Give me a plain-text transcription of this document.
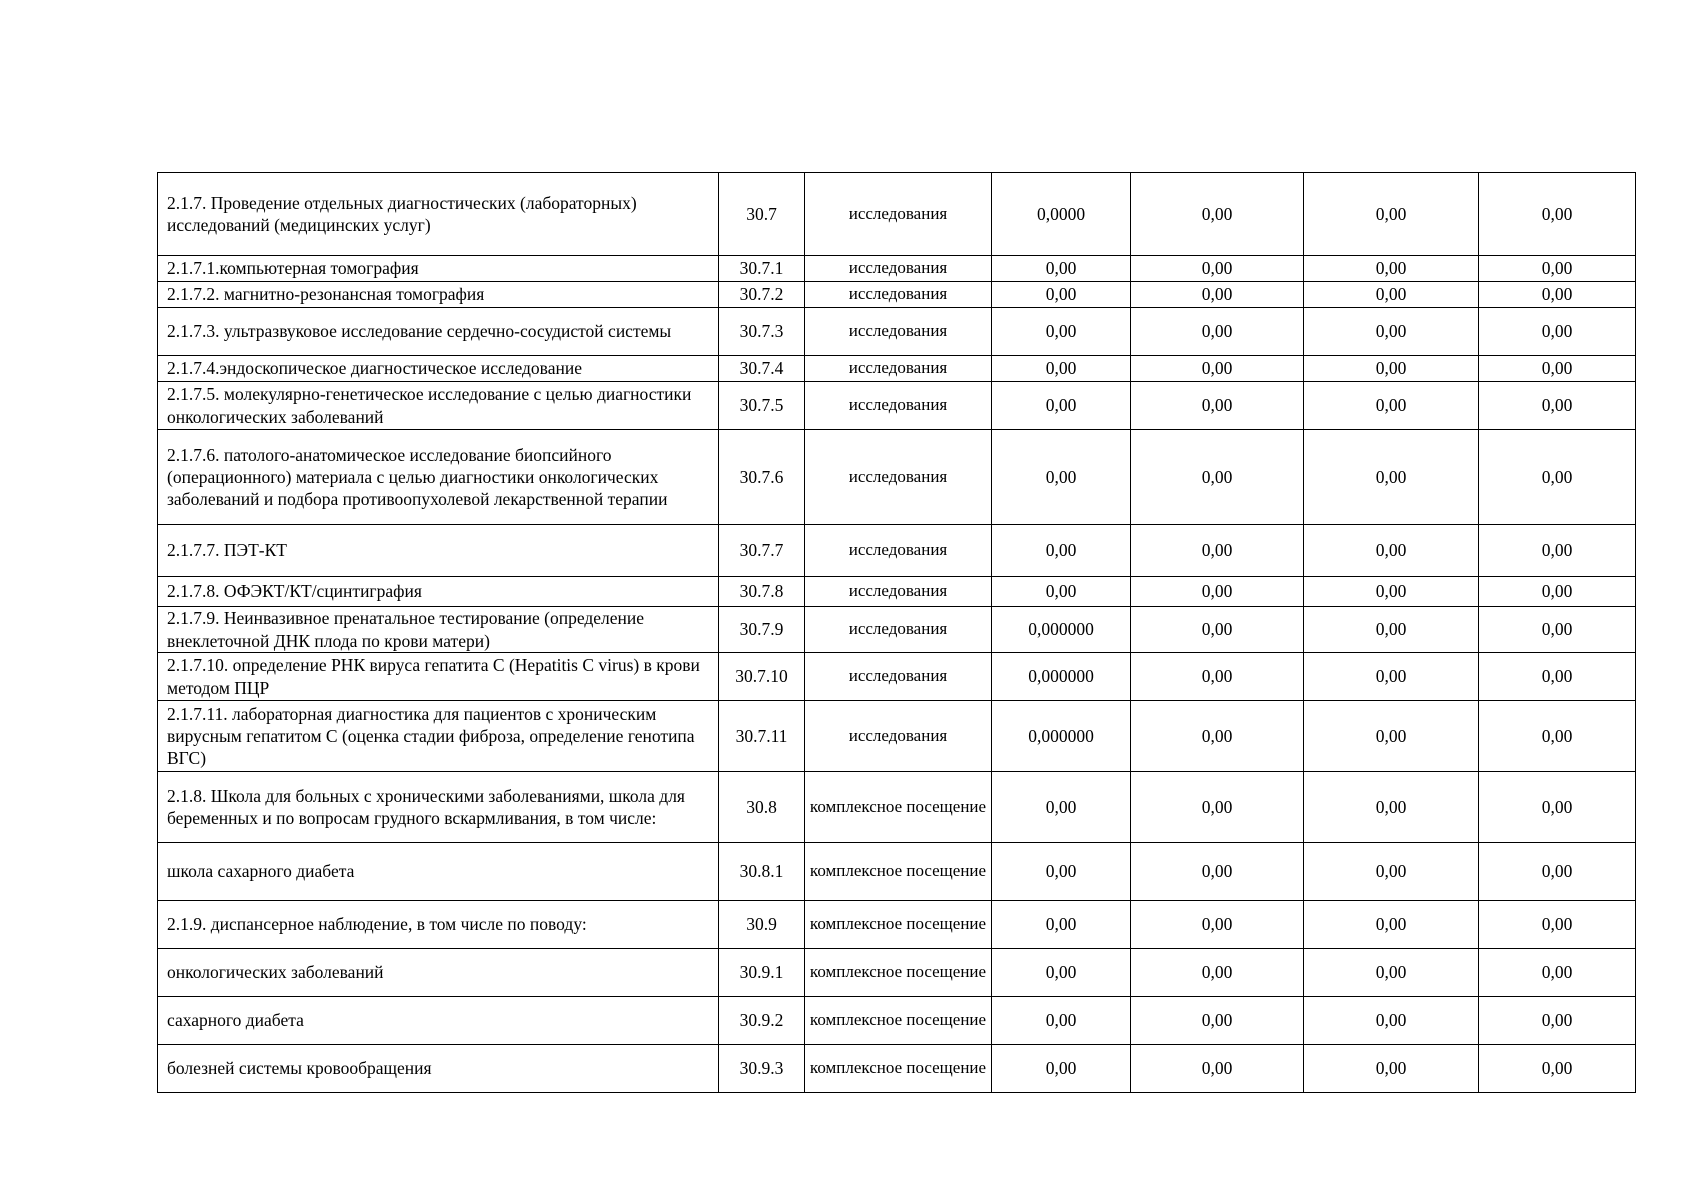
2.1.7. Проведение отдельных диагностических (лабораторных) исследований (медицинских услуг)	30.7	исследования	0,0000	0,00	0,00	0,00
2.1.7.1.компьютерная томография	30.7.1	исследования	0,00	0,00	0,00	0,00
2.1.7.2. магнитно-резонансная томография	30.7.2	исследования	0,00	0,00	0,00	0,00
2.1.7.3. ультразвуковое исследование сердечно-сосудистой системы	30.7.3	исследования	0,00	0,00	0,00	0,00
2.1.7.4.эндоскопическое диагностическое исследование	30.7.4	исследования	0,00	0,00	0,00	0,00
2.1.7.5. молекулярно-генетическое исследование с целью диагностики онкологических заболеваний	30.7.5	исследования	0,00	0,00	0,00	0,00
2.1.7.6. патолого-анатомическое исследование биопсийного (операционного) материала с целью диагностики онкологических заболеваний и подбора противоопухолевой лекарственной терапии	30.7.6	исследования	0,00	0,00	0,00	0,00
2.1.7.7. ПЭТ-КТ	30.7.7	исследования	0,00	0,00	0,00	0,00
2.1.7.8. ОФЭКТ/КТ/сцинтиграфия	30.7.8	исследования	0,00	0,00	0,00	0,00
2.1.7.9. Неинвазивное пренатальное тестирование (определение внеклеточной ДНК плода по крови матери)	30.7.9	исследования	0,000000	0,00	0,00	0,00
2.1.7.10. определение РНК вируса гепатита С (Hepatitis C virus) в крови методом ПЦР	30.7.10	исследования	0,000000	0,00	0,00	0,00
2.1.7.11. лабораторная диагностика для пациентов с хроническим вирусным гепатитом С (оценка стадии фиброза, определение генотипа ВГС)	30.7.11	исследования	0,000000	0,00	0,00	0,00
2.1.8. Школа для больных с хроническими заболеваниями, школа для беременных и по вопросам грудного вскармливания, в том числе:	30.8	комплексное посещение	0,00	0,00	0,00	0,00
школа сахарного диабета	30.8.1	комплексное посещение	0,00	0,00	0,00	0,00
2.1.9. диспансерное наблюдение, в том числе по поводу:	30.9	комплексное посещение	0,00	0,00	0,00	0,00
онкологических заболеваний	30.9.1	комплексное посещение	0,00	0,00	0,00	0,00
сахарного диабета	30.9.2	комплексное посещение	0,00	0,00	0,00	0,00
болезней системы кровообращения	30.9.3	комплексное посещение	0,00	0,00	0,00	0,00
